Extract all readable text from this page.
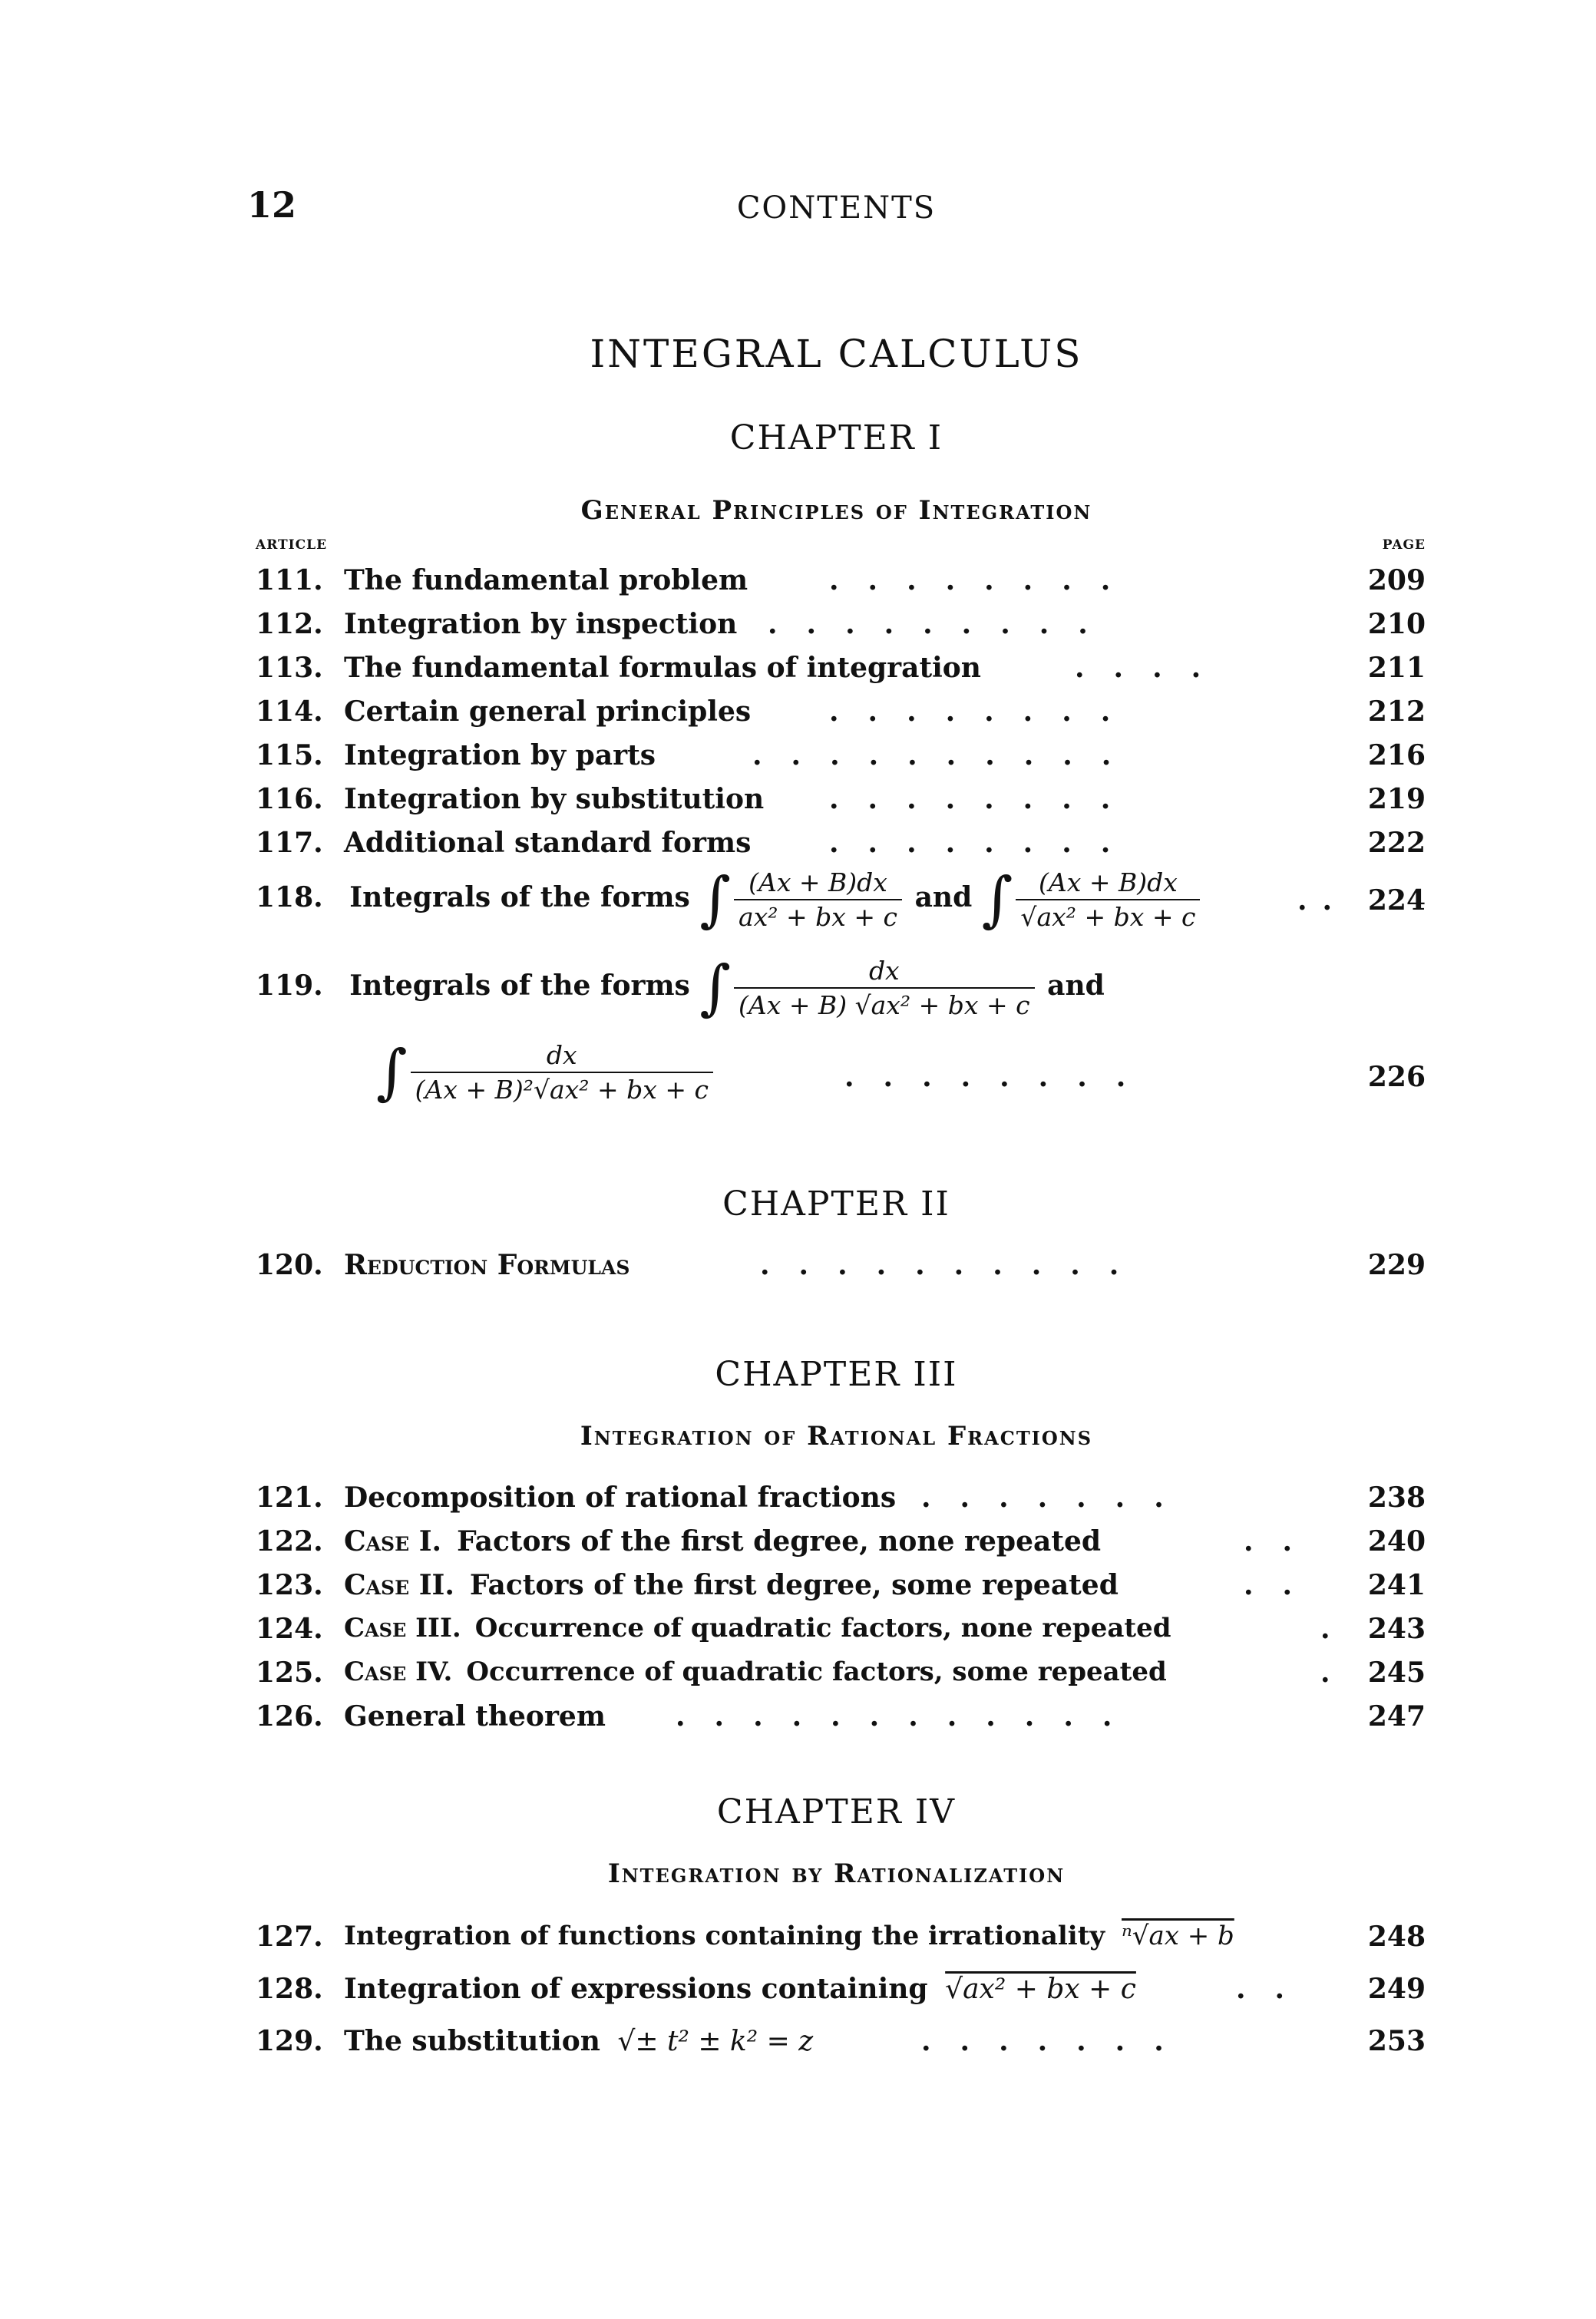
12	CONTENTS
INTEGRAL CALCULUS
CHAPTER I
General Principles of Integration
ARTICLE	PAGE
111. The fundamental problem	........	209
112. Integration by inspection .........	210
113. The fundamental formulas of integration	....	211
114. Certain general principles	........	212
115. Integration by parts	..........	216
116. Integration by substitution ........	219
117. Additional standard forms	........	222
118. Integrals of the forms ∫ $\frac{(Ax + B)dx}{\text{ax² + bx + c}}$ and ∫ $\frac{(Ax + B)dx}{\text{√ax² + bx + c}}$	.. 224
119. Integrals of the forms ∫ $\frac{dx}{\text{(Ax + B) √ax² + bx + c}}$ and
∫ $\frac{dx}{\text{(Ax + B)²√ax² + bx + c}}$	........	226
CHAPTER II
120. Reduction Formulas	..........	229
CHAPTER III
Integration of Rational Fractions
121. Decomposition of rational fractions .......	238
122. Case I. Factors of the first degree, none repeated	.. 240
123. Case II. Factors of the first degree, some repeated	.. 241
124. Case III. Occurrence of quadratic factors, none repeated	. 243
125. Case IV. Occurrence of quadratic factors, some repeated	. 245
126. General theorem	............	247
CHAPTER IV
Integration by Rationalization
127. Integration of functions containing the irrationality ⁿ√ax + b	248
128. Integration of expressions containing √ax² + bx + c	.. 249
129. The substitution √± t² ± k² = z	.......	253
